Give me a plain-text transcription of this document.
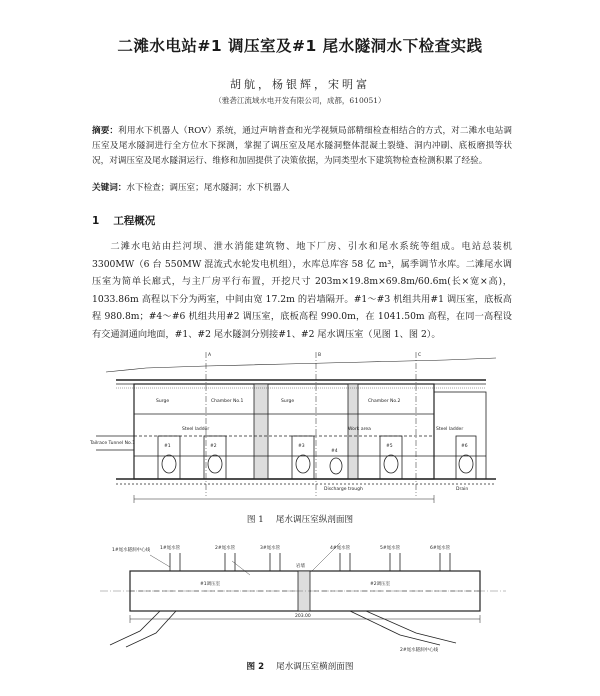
二滩水电站#1 调压室及#1 尾水隧洞水下检查实践
胡航，杨银辉，宋明富
（雅砻江流域水电开发有限公司，成都，610051）
摘要：利用水下机器人（ROV）系统，通过声呐普查和光学视频局部精细检查相结合的方式，对二滩水电站调压室及尾水隧洞进行全方位水下探测，掌握了调压室及尾水隧洞整体混凝土裂缝、洞内冲刷、底板磨损等状况，对调压室及尾水隧洞运行、维修和加固提供了决策依据，为同类型水下建筑物检查检测积累了经验。
关键词：水下检查；调压室；尾水隧洞；水下机器人
1 工程概况
二滩水电站由拦河坝、泄水消能建筑物、地下厂房、引水和尾水系统等组成。电站总装机 3300MW（6 台 550MW 混流式水轮发电机组），水库总库容 58 亿 m³，属季调节水库。二滩尾水调压室为简单长廊式，与主厂房平行布置，开挖尺寸 203m×19.8m×69.8m/60.6m(长×宽×高)，1033.86m 高程以下分为两室，中间由宽 17.2m 的岩墙隔开。#1～#3 机组共用#1 调压室，底板高程 980.8m；#4～#6 机组共用#2 调压室，底板高程 990.0m，在 1041.50m 高程，在同一高程设有交通洞通向地面，#1、#2 尾水隧洞分别接#1、#2 尾水调压室（见图 1、图 2）。
A	B	C
Surge	Chamber No.1	Surge	Chamber No.2
Tailrace Tunnel No.1
Work area
Steel ladder	Steel ladder
Discharge trough	Drain
#1	#2	#3
#4
#5	#6
图 1 尾水调压室纵剖面图
1#尾水隧洞中心线
#1调压室	#2调压室
1#尾水管	2#尾水管	3#尾水管	4#尾水管	5#尾水管	6#尾水管
2#尾水隧洞中心线
岩墙
203.00
图 2 尾水调压室横剖面图
